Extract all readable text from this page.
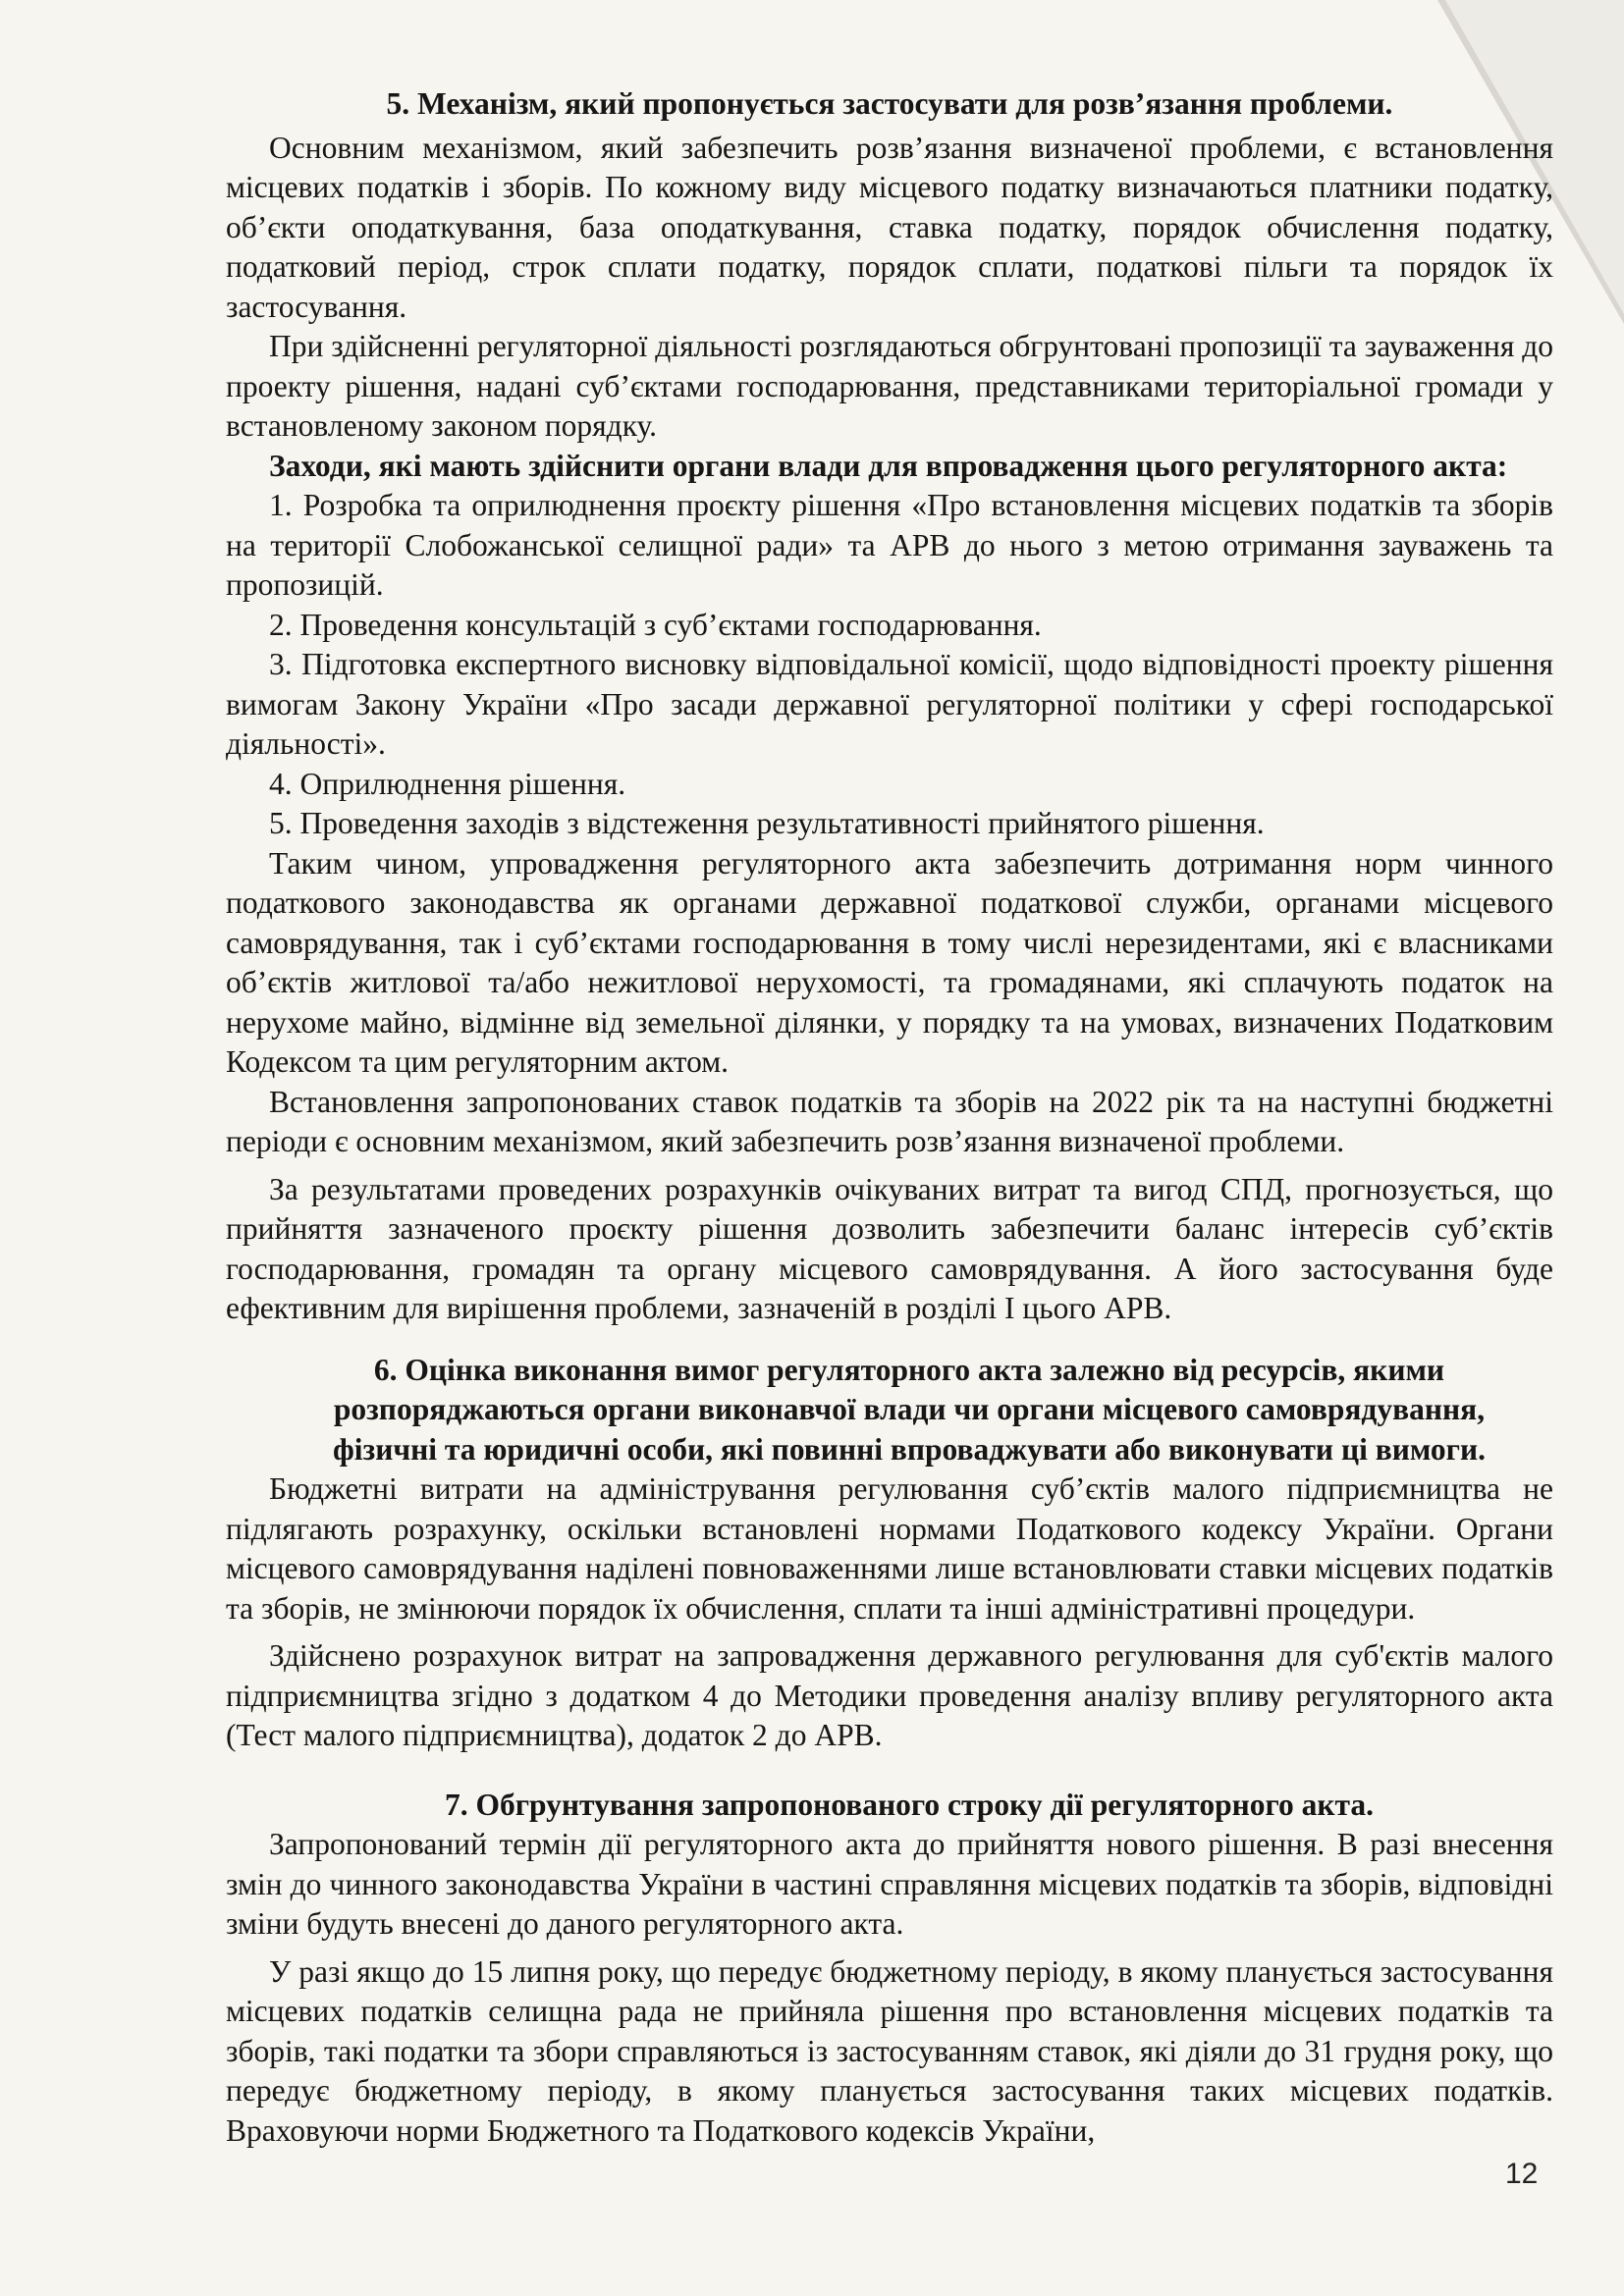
5. Механізм, який пропонується застосувати для розв’язання проблеми.

Основним механізмом, який забезпечить розв’язання визначеної проблеми, є встановлення місцевих податків і зборів. По кожному виду місцевого податку визначаються платники податку, об’єкти оподаткування, база оподаткування, ставка податку, порядок обчислення податку, податковий період, строк сплати податку, порядок сплати, податкові пільги та порядок їх застосування.

При здійсненні регуляторної діяльності розглядаються обгрунтовані пропозиції та зауваження до проекту рішення, надані суб’єктами господарювання, представниками територіальної громади у встановленому законом порядку.

Заходи, які мають здійснити органи влади для впровадження цього регуляторного акта:

1. Розробка та оприлюднення проєкту рішення «Про встановлення місцевих податків та зборів на території Слобожанської селищної ради» та АРВ до нього з метою отримання зауважень та пропозицій.

2. Проведення консультацій з суб’єктами господарювання.

3. Підготовка експертного висновку відповідальної комісії, щодо відповідності проекту рішення вимогам Закону України «Про засади державної регуляторної політики у сфері господарської діяльності».

4. Оприлюднення рішення.

5. Проведення заходів з відстеження результативності прийнятого рішення.

Таким чином, упровадження регуляторного акта забезпечить дотримання норм чинного податкового законодавства як органами державної податкової служби, органами місцевого самоврядування, так і суб’єктами господарювання в тому числі нерезидентами, які є власниками об’єктів житлової та/або нежитлової нерухомості, та громадянами, які сплачують податок на нерухоме майно, відмінне від земельної ділянки, у порядку та на умовах, визначених Податковим Кодексом та цим регуляторним актом.

Встановлення запропонованих ставок податків та зборів на 2022 рік та на наступні бюджетні періоди є основним механізмом, який забезпечить розв’язання визначеної проблеми.

За результатами проведених розрахунків очікуваних витрат та вигод СПД, прогнозується, що прийняття зазначеного проєкту рішення дозволить забезпечити баланс інтересів суб’єктів господарювання, громадян та органу місцевого самоврядування. А його застосування буде ефективним для вирішення проблеми, зазначеній в розділі І цього АРВ.

6. Оцінка виконання вимог регуляторного акта залежно від ресурсів, якими розпоряджаються органи виконавчої влади чи органи місцевого самоврядування, фізичні та юридичні особи, які повинні впроваджувати або виконувати ці вимоги.

Бюджетні витрати на адміністрування регулювання суб’єктів малого підприємництва не підлягають розрахунку, оскільки встановлені нормами Податкового кодексу України. Органи місцевого самоврядування наділені повноваженнями лише встановлювати ставки місцевих податків та зборів, не змінюючи порядок їх обчислення, сплати та інші адміністративні процедури.

Здійснено розрахунок витрат на запровадження державного регулювання для суб'єктів малого підприємництва згідно з додатком 4 до Методики проведення аналізу впливу регуляторного акта (Тест малого підприємництва), додаток 2 до АРВ.

7. Обгрунтування запропонованого строку дії регуляторного акта.

Запропонований термін дії регуляторного акта до прийняття нового рішення. В разі внесення змін до чинного законодавства України в частині справляння місцевих податків та зборів, відповідні зміни будуть внесені до даного регуляторного акта.

У разі якщо до 15 липня року, що передує бюджетному періоду, в якому планується застосування місцевих податків селищна рада не прийняла рішення про встановлення місцевих податків та зборів, такі податки та збори справляються із застосуванням ставок, які діяли до 31 грудня року, що передує бюджетному періоду, в якому планується застосування таких місцевих податків. Враховуючи норми Бюджетного та Податкового кодексів України,

12
